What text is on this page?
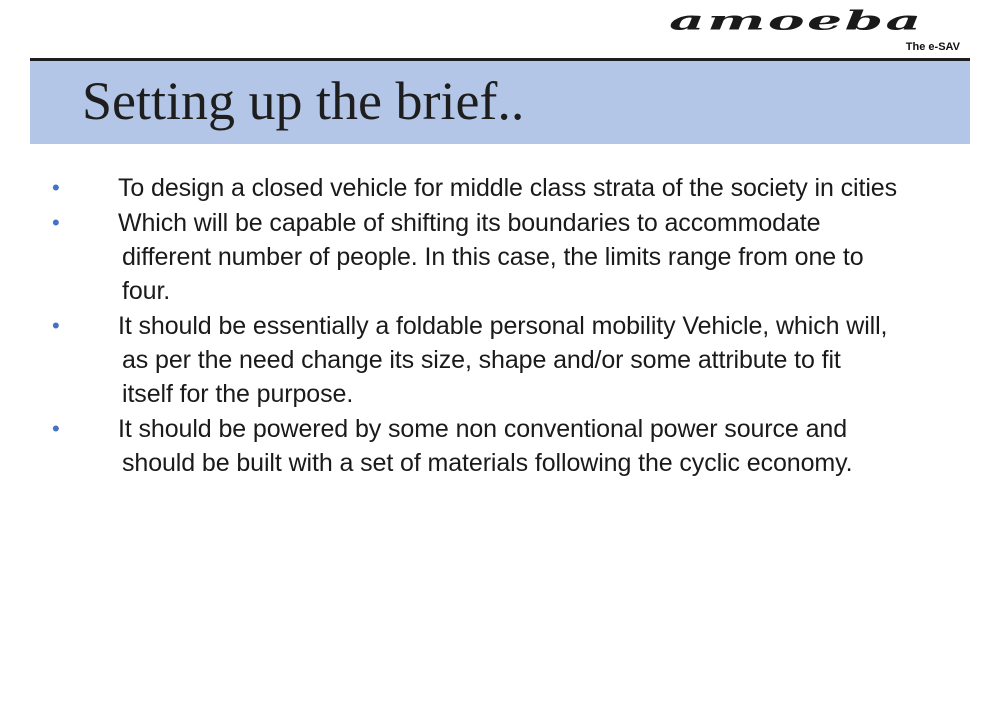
amoeba
The e-SAV
Setting up the brief..
• To design a closed vehicle for middle class strata of the society in cities
• Which will be capable of shifting its boundaries to accommodate different number of people. In this case, the limits range from one to four.
• It should be essentially a foldable personal mobility Vehicle, which will, as per the need change its size, shape and/or some attribute to fit itself for the purpose.
• It should be powered by some non conventional power source and should be built with a set of materials following the cyclic economy.
